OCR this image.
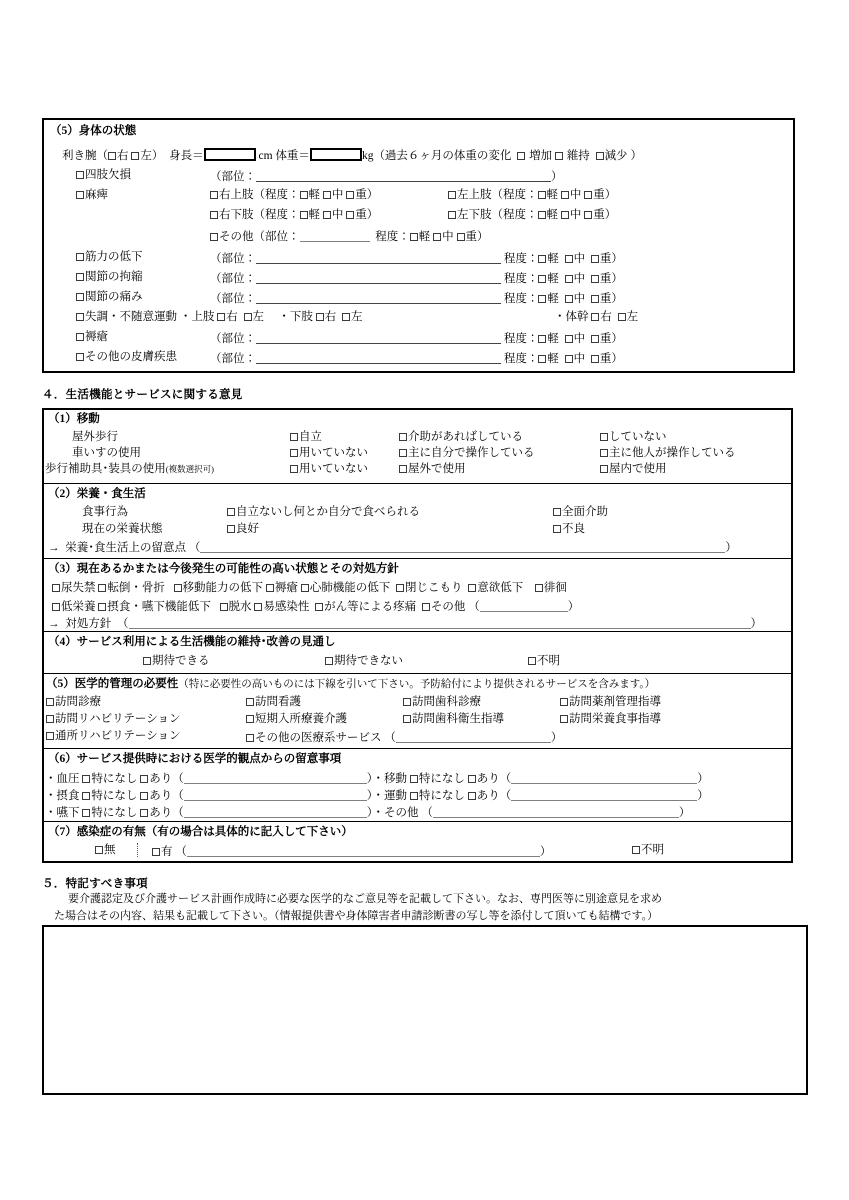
（5）身体の状態
利き腕（ 右 左） 身長＝	cm 体重＝	kg（過去６ヶ月の体重の変化 増加 維持 減少 ）
四肢欠損	（部位：	）
麻痺	右上肢（程度： 軽 中 重）	左上肢（程度： 軽 中 重）
右下肢（程度： 軽 中 重）	左下肢（程度： 軽 中 重）
その他（部位：	程度： 軽 中 重）
筋力の低下	（部位：	程度： 軽 中 重）
関節の拘縮	（部位：	程度： 軽 中 重）
関節の痛み	（部位：	程度： 軽 中 重）
失調・不随意運動 ・上肢 右 左 ・下肢 右 左	・体幹 右 左
褥瘡	（部位：	程度： 軽 中 重）
その他の皮膚疾患	（部位：	程度： 軽 中 重）
４．生活機能とサービスに関する意見
（1）移動
屋外歩行	自立	介助があればしている	していない
車いすの使用	用いていない	主に自分で操作している	主に他人が操作している
歩行補助具･装具の使用(複数選択可)	用いていない	屋外で使用	屋内で使用
（2）栄養・食生活
食事行為	自立ないし何とか自分で食べられる	全面介助
現在の栄養状態	良好	不良
→ 栄養･食生活上の留意点 （	）
（3）現在あるかまたは今後発生の可能性の高い状態とその対処方針
尿失禁 転倒・骨折 移動能力の低下 褥瘡 心肺機能の低下 閉じこもり 意欲低下 徘徊
低栄養 摂食・嚥下機能低下 脱水 易感染性 がん等による疼痛 その他 （	）
→ 対処方針 （	）
（4）サービス利用による生活機能の維持･改善の見通し
期待できる	期待できない	不明
（5）医学的管理の必要性（特に必要性の高いものには下線を引いて下さい。予防給付により提供されるサービスを含みます。）
訪問診療	訪問看護	訪問歯科診療	訪問薬剤管理指導
訪問リハビリテーション	短期入所療養介護	訪問歯科衛生指導	訪問栄養食事指導
通所リハビリテーション	その他の医療系サービス （	）
（6）サービス提供時における医学的観点からの留意事項
・血圧 特になし あり（	）・移動 特になし あり（	）
・摂食 特になし あり（	）・運動 特になし あり（	）
・嚥下 特になし あり（	）・その他 （	）
（7）感染症の有無（有の場合は具体的に記入して下さい）
無	有 （	）	不明
５．特記すべき事項
要介護認定及び介護サービス計画作成時に必要な医学的なご意見等を記載して下さい。なお、専門医等に別途意見を求め
た場合はその内容、結果も記載して下さい。（情報提供書や身体障害者申請診断書の写し等を添付して頂いても結構です。）
